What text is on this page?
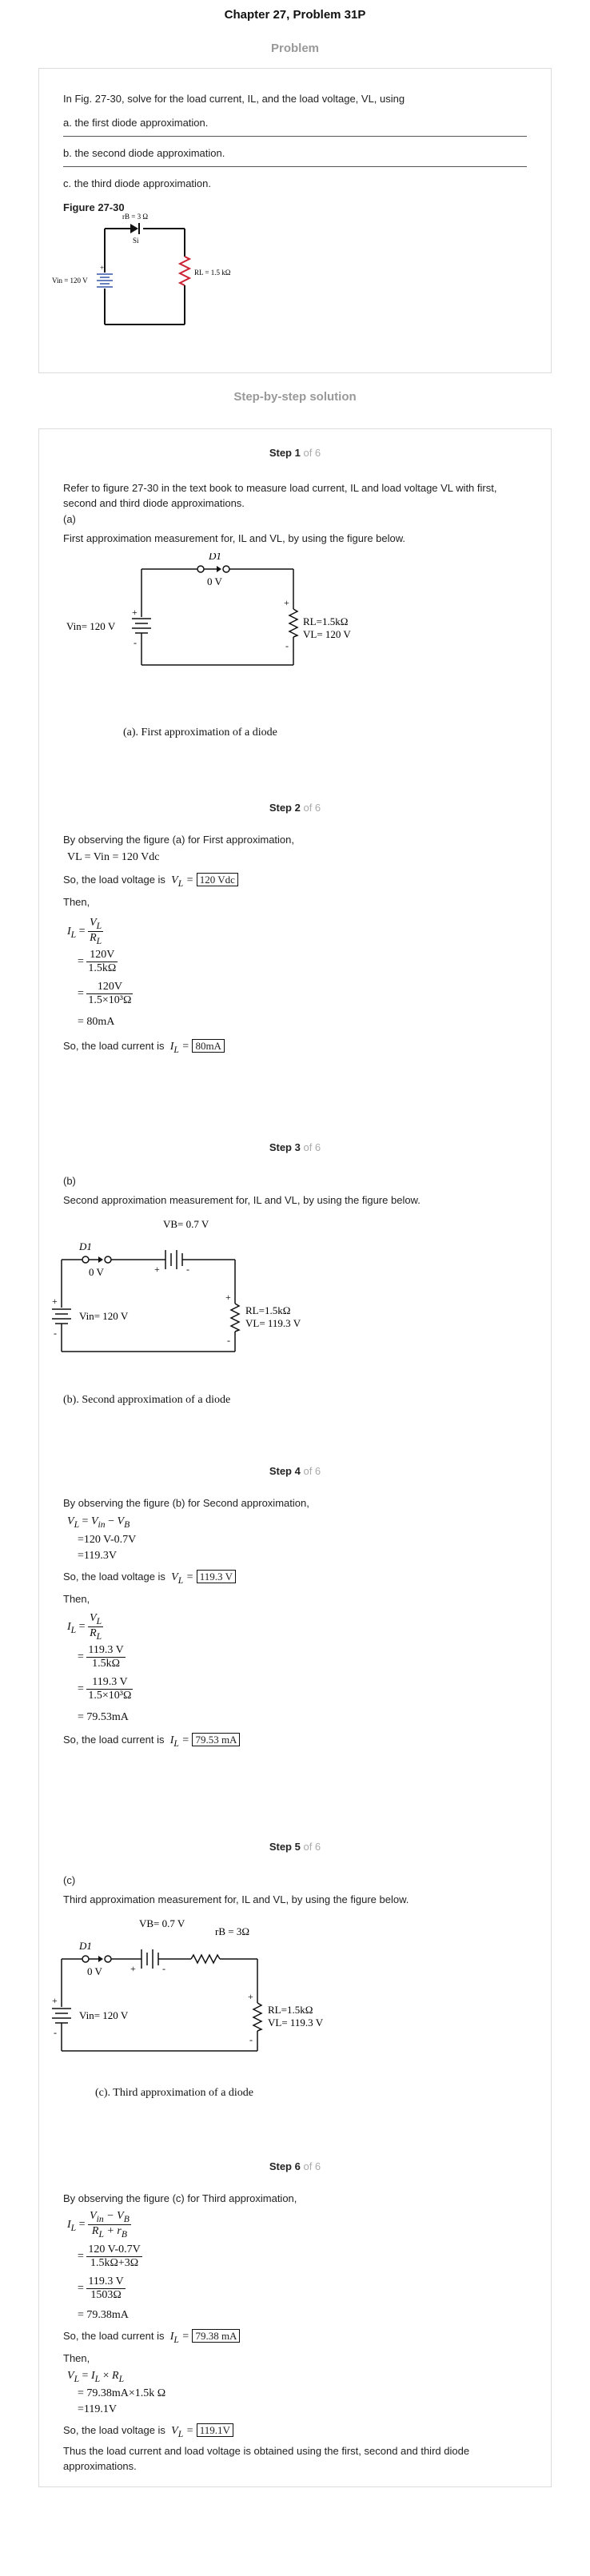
Chapter 27, Problem 31P
Problem
In Fig. 27-30, solve for the load current, IL, and the load voltage, VL, using
a. the first diode approximation.
b. the second diode approximation.
c. the third diode approximation.
Figure 27-30
rB = 3 Ω
Si
+
Vin = 120 V
RL = 1.5 kΩ
Step-by-step solution
Step 1 of 6
Refer to figure 27-30 in the text book to measure load current, IL and load voltage VL with first, second and third diode approximations.
(a)
First approximation measurement for, IL and VL, by using the figure below.
D1
0 V
+
-
Vin= 120 V
+
-
RL=1.5kΩ
VL= 120 V
(a). First approximation of a diode
Step 2 of 6
By observing the figure (a) for First approximation,
VL = Vin = 120 Vdc
So, the load voltage is $V_L = 120$ Vdc
Then,
$I_L = \frac{V_L}{R_L}$
= $\frac{120V}{1.5k\Omega}$
= $\frac{120V}{\text{1.5×10³Ω}}$
= 80mA
So, the load current is $I_L = 80mA$
Step 3 of 6
(b)
Second approximation measurement for, IL and VL, by using the figure below.
VB= 0.7 V
D1
0 V	+	-
+
-
Vin= 120 V
+
-
RL=1.5kΩ
VL= 119.3 V
(b). Second approximation of a diode
Step 4 of 6
By observing the figure (b) for Second approximation,
$V_L = V_{in} - V_B$
=120 V-0.7V
=119.3V
So, the load voltage is $V_L = 119.3$ V
Then,
$I_L = \frac{V_L}{R_L}$
= $\frac{119.3 V}{1.5k\Omega}$
= $\frac{119.3 V}{\text{1.5×10³Ω}}$
= 79.53mA
So, the load current is $I_L = 79.53$ mA
Step 5 of 6
(c)
Third approximation measurement for, IL and VL, by using the figure below.
VB= 0.7 V
rB = 3Ω
D1
0 V	+	-
+
-
Vin= 120 V
+
-
RL=1.5kΩ
VL= 119.3 V
(c). Third approximation of a diode
Step 6 of 6
By observing the figure (c) for Third approximation,
$I_L = \frac{V_{in} - V_B}{R_L + r_B}$
= $\frac{120 V-0.7V}{1.5k\Omega+3\Omega}$
= $\frac{119.3 V}{1503\Omega}$
= 79.38mA
So, the load current is $I_L = 79.38$ mA
Then,
$V_L = I_L \times R_L$
= 79.38mA×1.5k Ω
=119.1V
So, the load voltage is $V_L = 119.1V$
Thus the load current and load voltage is obtained using the first, second and third diode approximations.
